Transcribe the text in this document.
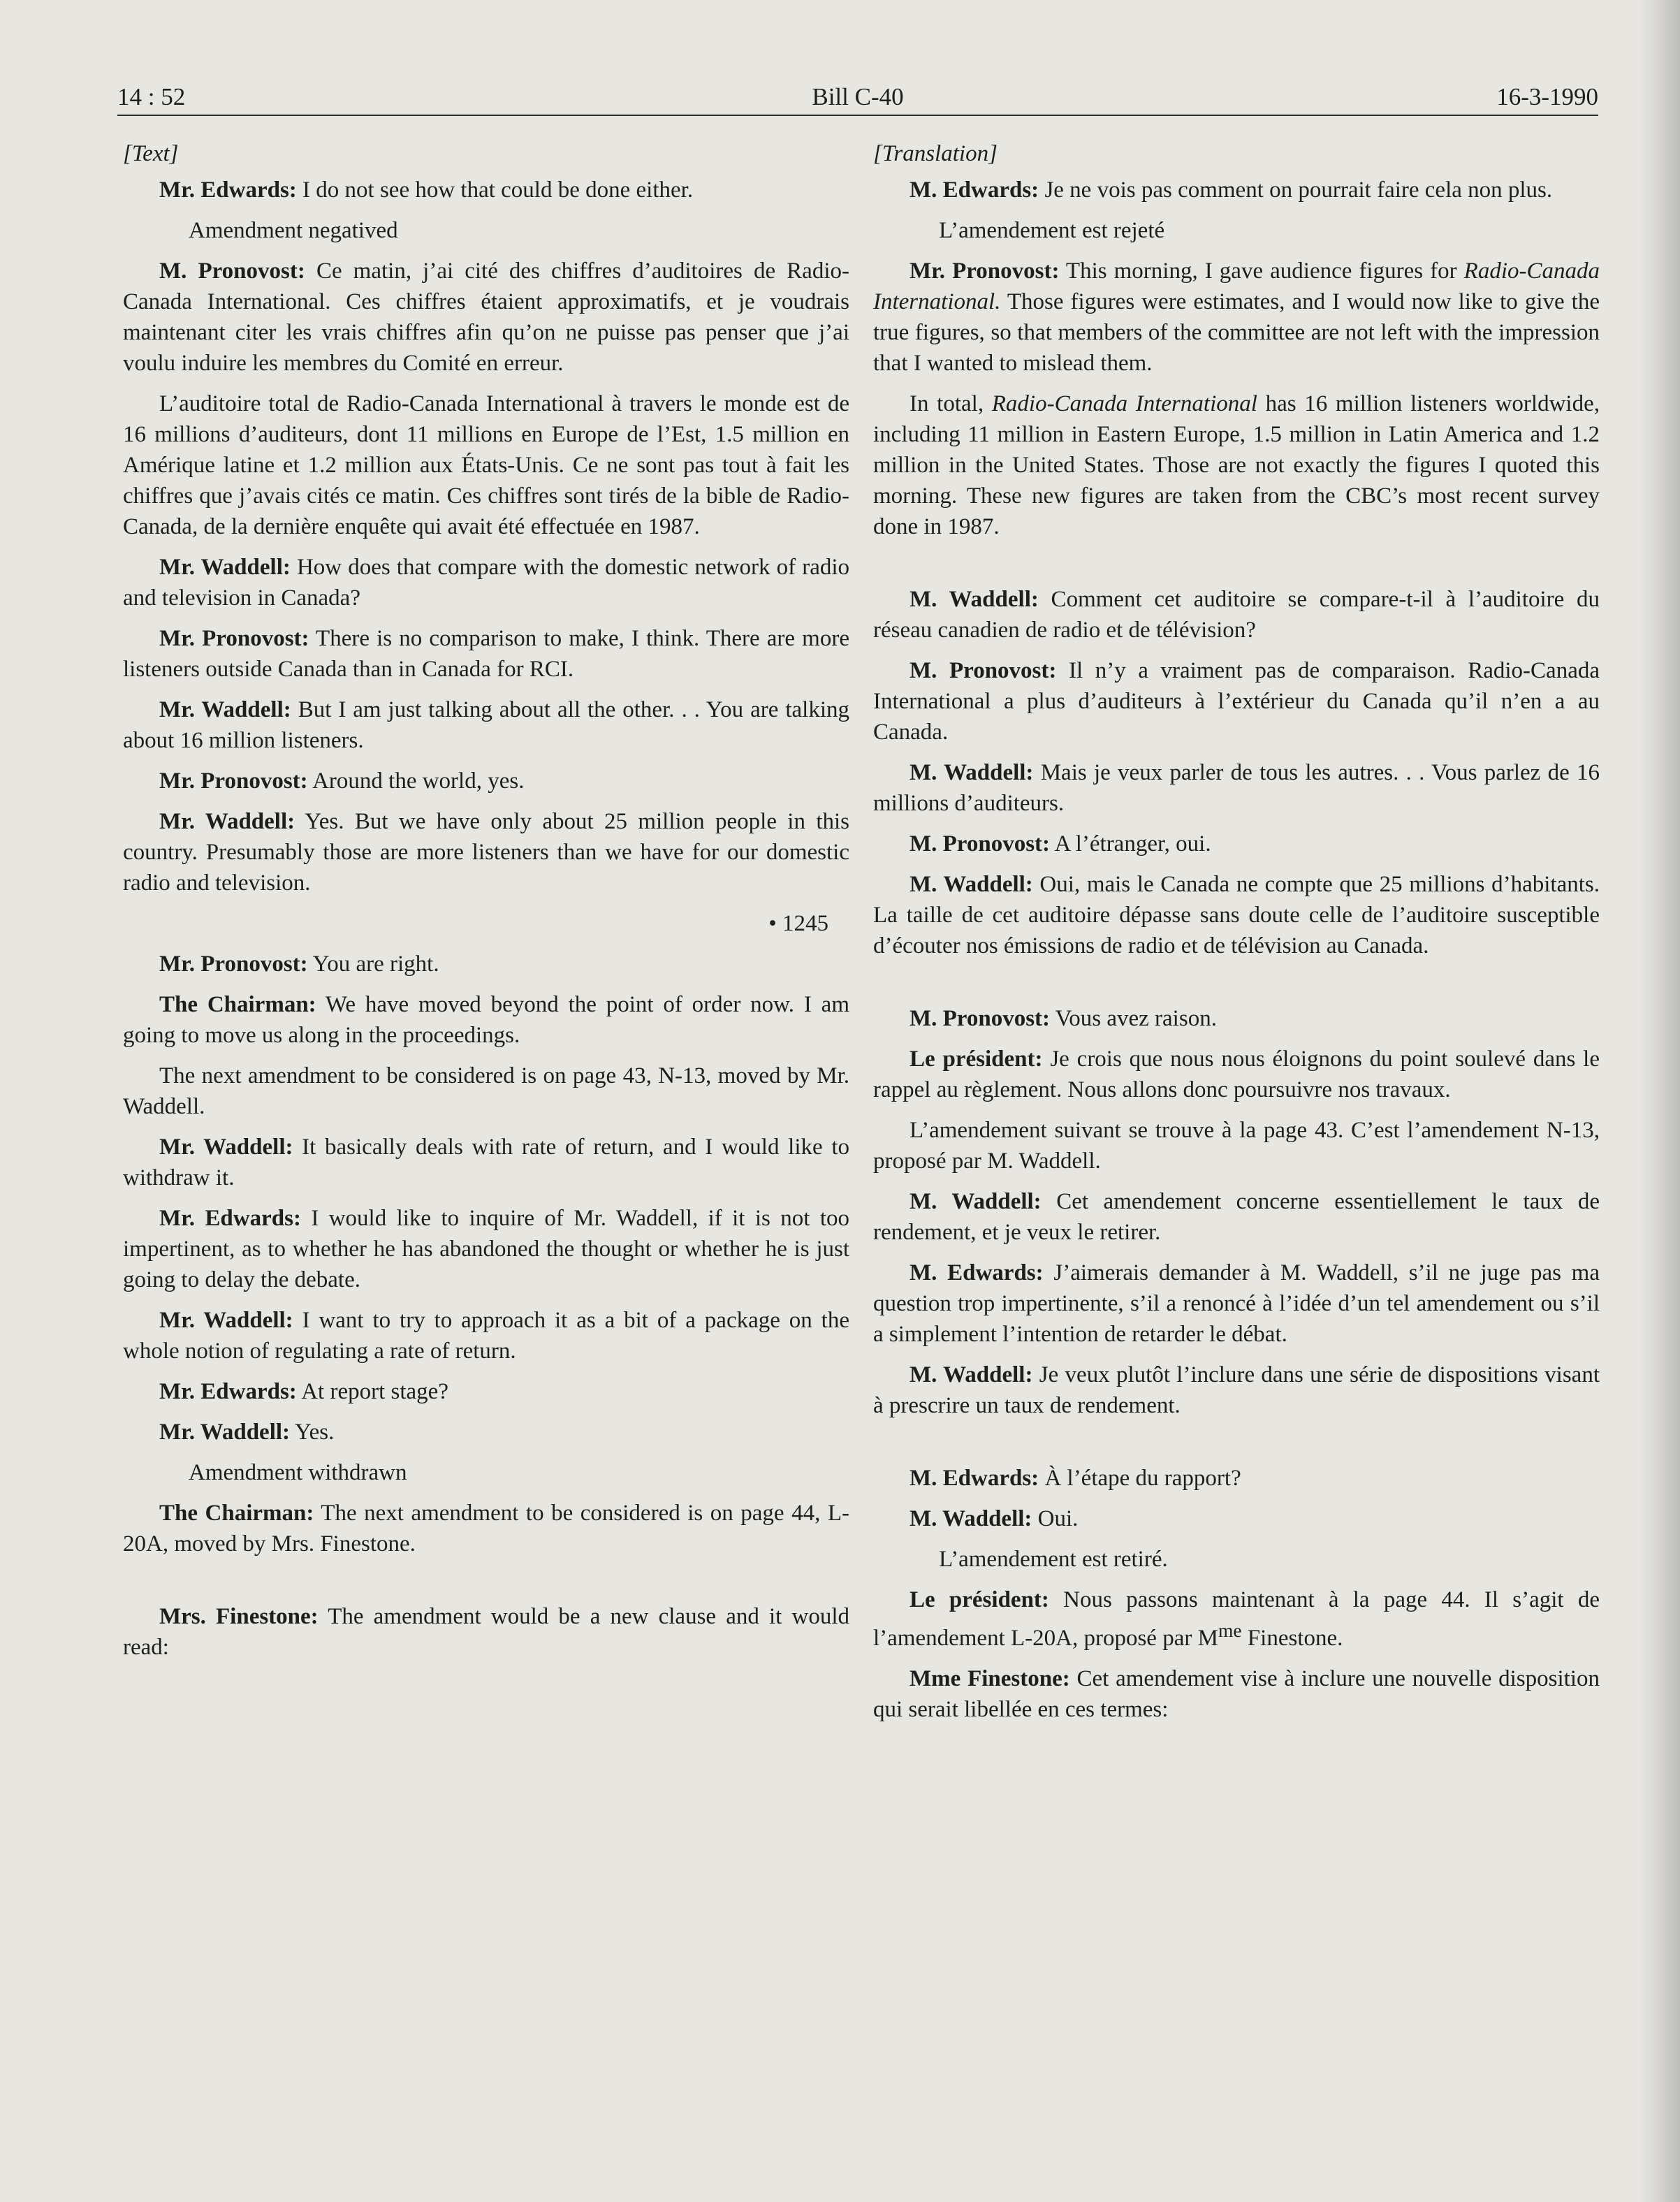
14 : 52	Bill C-40	16-3-1990
[Text]

Mr. Edwards: I do not see how that could be done either.

Amendment negatived

M. Pronovost: Ce matin, j’ai cité des chiffres d’auditoires de Radio-Canada International. Ces chiffres étaient approximatifs, et je voudrais maintenant citer les vrais chiffres afin qu’on ne puisse pas penser que j’ai voulu induire les membres du Comité en erreur.

L’auditoire total de Radio-Canada International à travers le monde est de 16 millions d’auditeurs, dont 11 millions en Europe de l’Est, 1.5 million en Amérique latine et 1.2 million aux États-Unis. Ce ne sont pas tout à fait les chiffres que j’avais cités ce matin. Ces chiffres sont tirés de la bible de Radio-Canada, de la dernière enquête qui avait été effectuée en 1987.

Mr. Waddell: How does that compare with the domestic network of radio and television in Canada?

Mr. Pronovost: There is no comparison to make, I think. There are more listeners outside Canada than in Canada for RCI.

Mr. Waddell: But I am just talking about all the other. . . You are talking about 16 million listeners.

Mr. Pronovost: Around the world, yes.

Mr. Waddell: Yes. But we have only about 25 million people in this country. Presumably those are more listeners than we have for our domestic radio and television.

• 1245

Mr. Pronovost: You are right.

The Chairman: We have moved beyond the point of order now. I am going to move us along in the proceedings.

The next amendment to be considered is on page 43, N-13, moved by Mr. Waddell.

Mr. Waddell: It basically deals with rate of return, and I would like to withdraw it.

Mr. Edwards: I would like to inquire of Mr. Waddell, if it is not too impertinent, as to whether he has abandoned the thought or whether he is just going to delay the debate.

Mr. Waddell: I want to try to approach it as a bit of a package on the whole notion of regulating a rate of return.

Mr. Edwards: At report stage?

Mr. Waddell: Yes.

Amendment withdrawn

The Chairman: The next amendment to be considered is on page 44, L-20A, moved by Mrs. Finestone.

Mrs. Finestone: The amendment would be a new clause and it would read:

[Translation]

M. Edwards: Je ne vois pas comment on pourrait faire cela non plus.

L’amendement est rejeté

Mr. Pronovost: This morning, I gave audience figures for Radio-Canada International. Those figures were estimates, and I would now like to give the true figures, so that members of the committee are not left with the impression that I wanted to mislead them.

In total, Radio-Canada International has 16 million listeners worldwide, including 11 million in Eastern Europe, 1.5 million in Latin America and 1.2 million in the United States. Those are not exactly the figures I quoted this morning. These new figures are taken from the CBC’s most recent survey done in 1987.

M. Waddell: Comment cet auditoire se compare-t-il à l’auditoire du réseau canadien de radio et de télévision?

M. Pronovost: Il n’y a vraiment pas de comparaison. Radio-Canada International a plus d’auditeurs à l’extérieur du Canada qu’il n’en a au Canada.

M. Waddell: Mais je veux parler de tous les autres. . . Vous parlez de 16 millions d’auditeurs.

M. Pronovost: A l’étranger, oui.

M. Waddell: Oui, mais le Canada ne compte que 25 millions d’habitants. La taille de cet auditoire dépasse sans doute celle de l’auditoire susceptible d’écouter nos émissions de radio et de télévision au Canada.

M. Pronovost: Vous avez raison.

Le président: Je crois que nous nous éloignons du point soulevé dans le rappel au règlement. Nous allons donc poursuivre nos travaux.

L’amendement suivant se trouve à la page 43. C’est l’amendement N-13, proposé par M. Waddell.

M. Waddell: Cet amendement concerne essentiellement le taux de rendement, et je veux le retirer.

M. Edwards: J’aimerais demander à M. Waddell, s’il ne juge pas ma question trop impertinente, s’il a renoncé à l’idée d’un tel amendement ou s’il a simplement l’intention de retarder le débat.

M. Waddell: Je veux plutôt l’inclure dans une série de dispositions visant à prescrire un taux de rendement.

M. Edwards: À l’étape du rapport?

M. Waddell: Oui.

L’amendement est retiré.

Le président: Nous passons maintenant à la page 44. Il s’agit de l’amendement L-20A, proposé par $M^{me}$ Finestone.

Mme Finestone: Cet amendement vise à inclure une nouvelle disposition qui serait libellée en ces termes:
